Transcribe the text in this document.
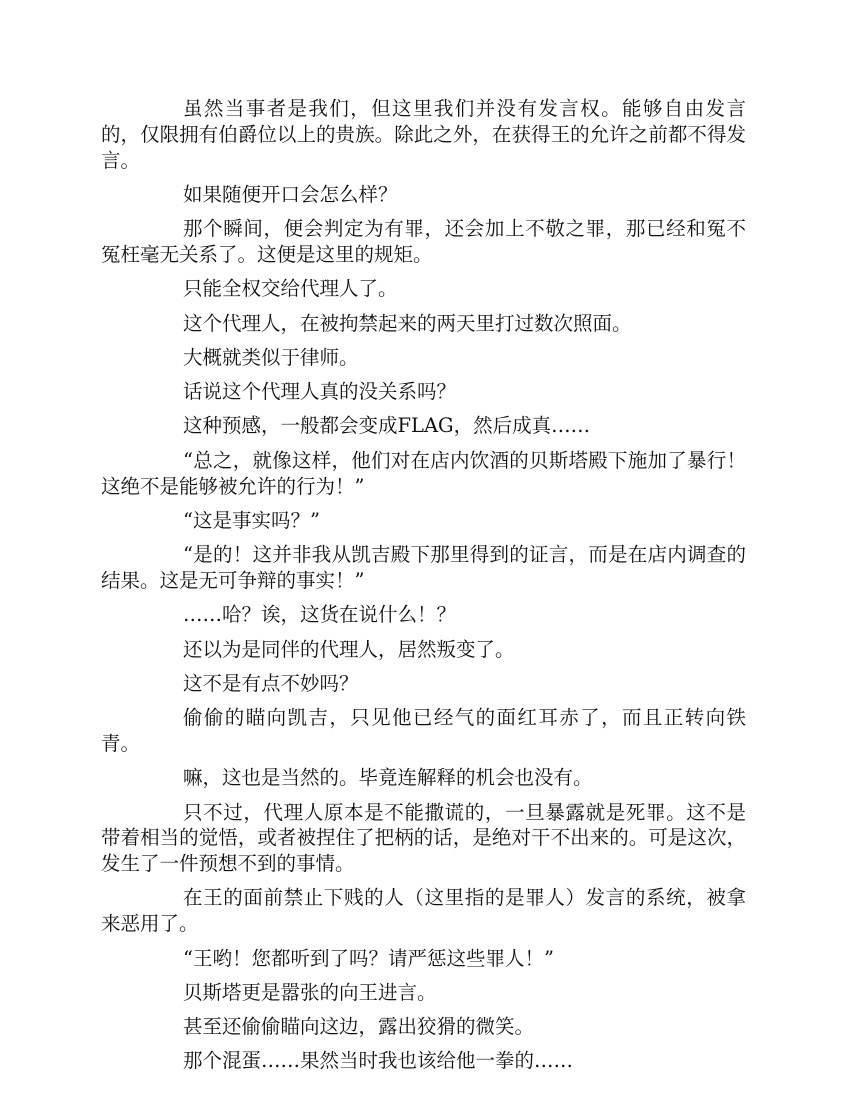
虽然当事者是我们，但这里我们并没有发言权。能够自由发言的，仅限拥有伯爵位以上的贵族。除此之外，在获得王的允许之前都不得发言。

如果随便开口会怎么样？

那个瞬间，便会判定为有罪，还会加上不敬之罪，那已经和冤不冤枉毫无关系了。这便是这里的规矩。

只能全权交给代理人了。

这个代理人，在被拘禁起来的两天里打过数次照面。

大概就类似于律师。

话说这个代理人真的没关系吗？

这种预感，一般都会变成FLAG，然后成真……

“总之，就像这样，他们对在店内饮酒的贝斯塔殿下施加了暴行！这绝不是能够被允许的行为！”

“这是事实吗？”

“是的！这并非我从凯吉殿下那里得到的证言，而是在店内调查的结果。这是无可争辩的事实！”

……哈？诶，这货在说什么！？

还以为是同伴的代理人，居然叛变了。

这不是有点不妙吗？

偷偷的瞄向凯吉，只见他已经气的面红耳赤了，而且正转向铁青。

嘛，这也是当然的。毕竟连解释的机会也没有。

只不过，代理人原本是不能撒谎的，一旦暴露就是死罪。这不是带着相当的觉悟，或者被捏住了把柄的话，是绝对干不出来的。可是这次，发生了一件预想不到的事情。

在王的面前禁止下贱的人（这里指的是罪人）发言的系统，被拿来恶用了。

“王哟！您都听到了吗？请严惩这些罪人！”

贝斯塔更是嚣张的向王进言。

甚至还偷偷瞄向这边，露出狡猾的微笑。

那个混蛋……果然当时我也该给他一拳的……
